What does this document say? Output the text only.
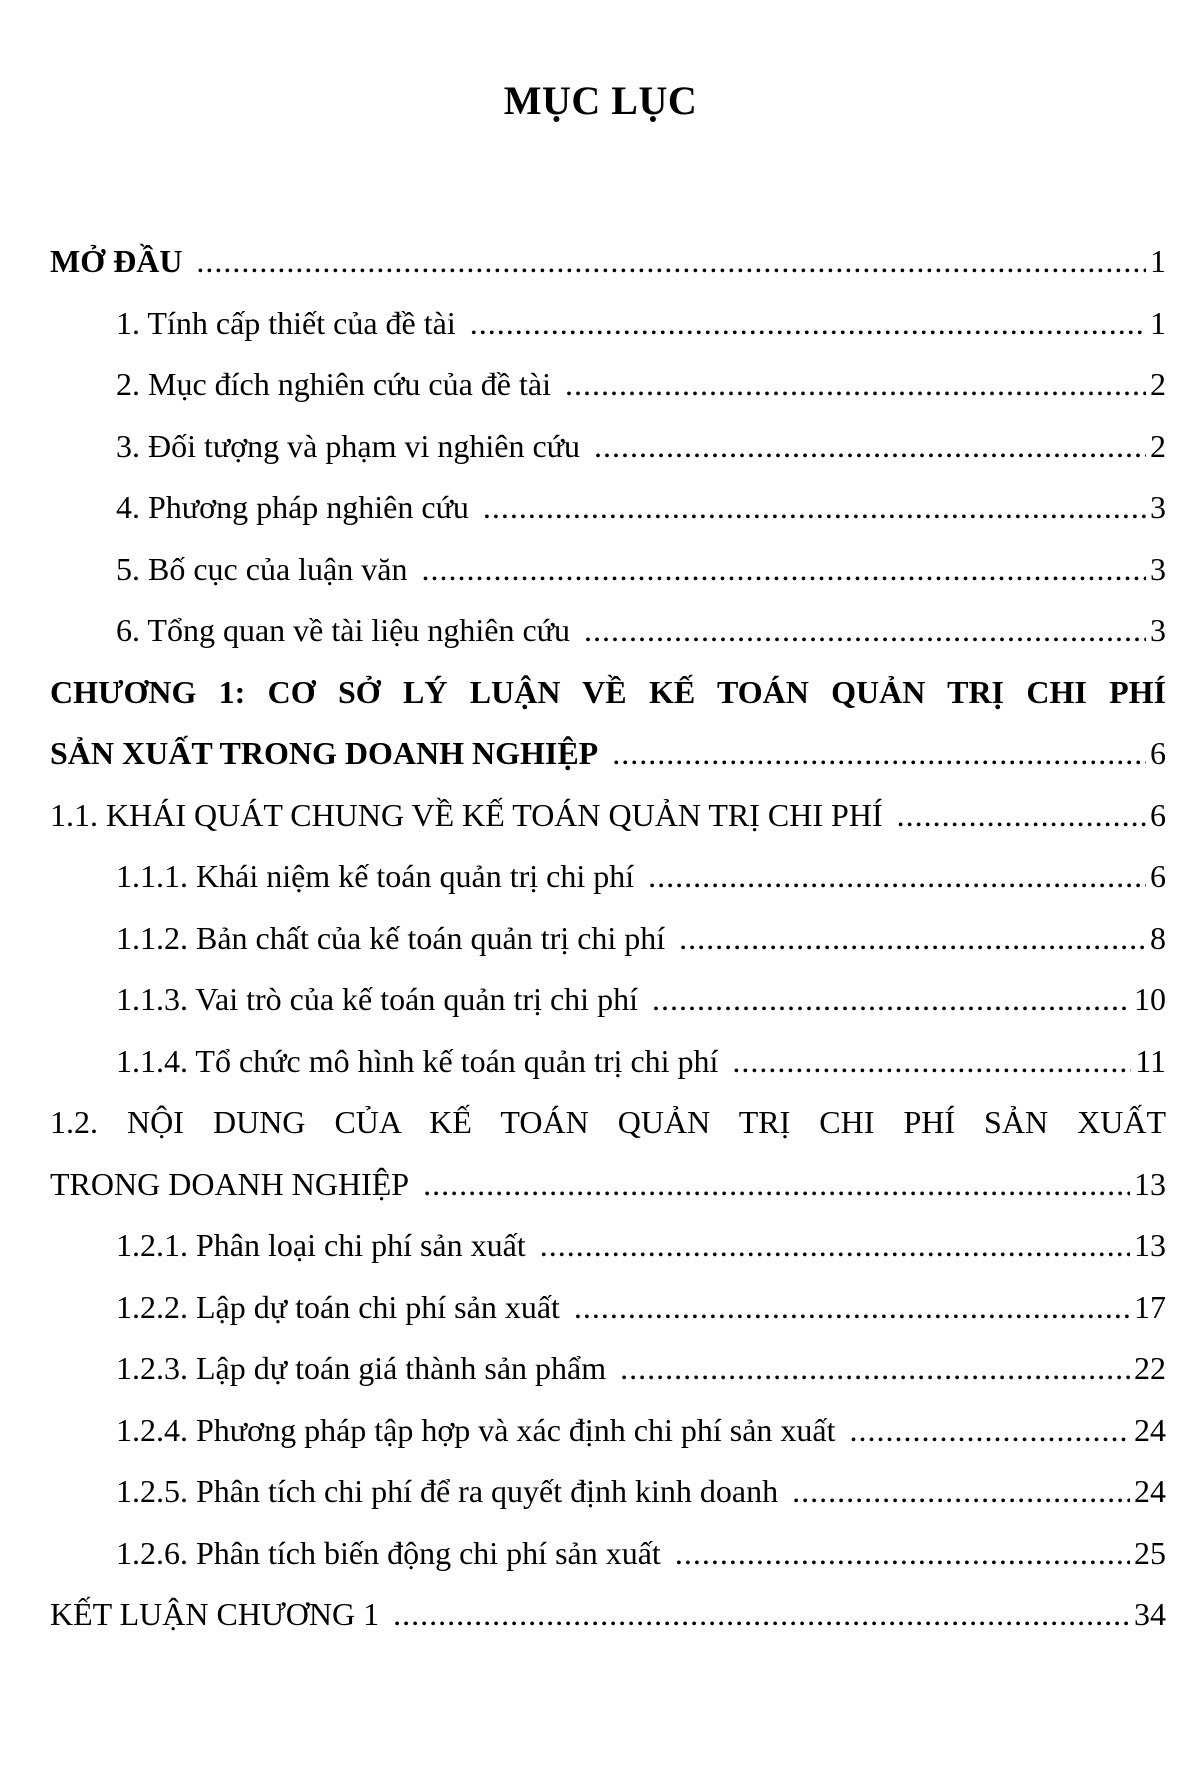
MỤC LỤC
MỞ ĐẦU .....	1
1. Tính cấp thiết của đề tài .....	1
2. Mục đích nghiên cứu của đề tài .....	2
3. Đối tượng và phạm vi nghiên cứu .....	2
4. Phương pháp nghiên cứu .....	3
5. Bố cục của luận văn .....	3
6. Tổng quan về tài liệu nghiên cứu .....	3
CHƯƠNG 1: CƠ SỞ LÝ LUẬN VỀ KẾ TOÁN QUẢN TRỊ CHI PHÍ
SẢN XUẤT TRONG DOANH NGHIỆP .....	6
1.1. KHÁI QUÁT CHUNG VỀ KẾ TOÁN QUẢN TRỊ CHI PHÍ .....	6
1.1.1. Khái niệm kế toán quản trị chi phí .....	6
1.1.2. Bản chất của kế toán quản trị chi phí .....	8
1.1.3. Vai trò của kế toán quản trị chi phí .....	10
1.1.4. Tổ chức mô hình kế toán quản trị chi phí .....	11
1.2. NỘI DUNG CỦA KẾ TOÁN QUẢN TRỊ CHI PHÍ SẢN XUẤT
TRONG DOANH NGHIỆP .....	13
1.2.1. Phân loại chi phí sản xuất .....	13
1.2.2. Lập dự toán chi phí sản xuất .....	17
1.2.3. Lập dự toán giá thành sản phẩm .....	22
1.2.4. Phương pháp tập hợp và xác định chi phí sản xuất .....	24
1.2.5. Phân tích chi phí để ra quyết định kinh doanh .....	24
1.2.6. Phân tích biến động chi phí sản xuất .....	25
KẾT LUẬN CHƯƠNG 1 .....	34
